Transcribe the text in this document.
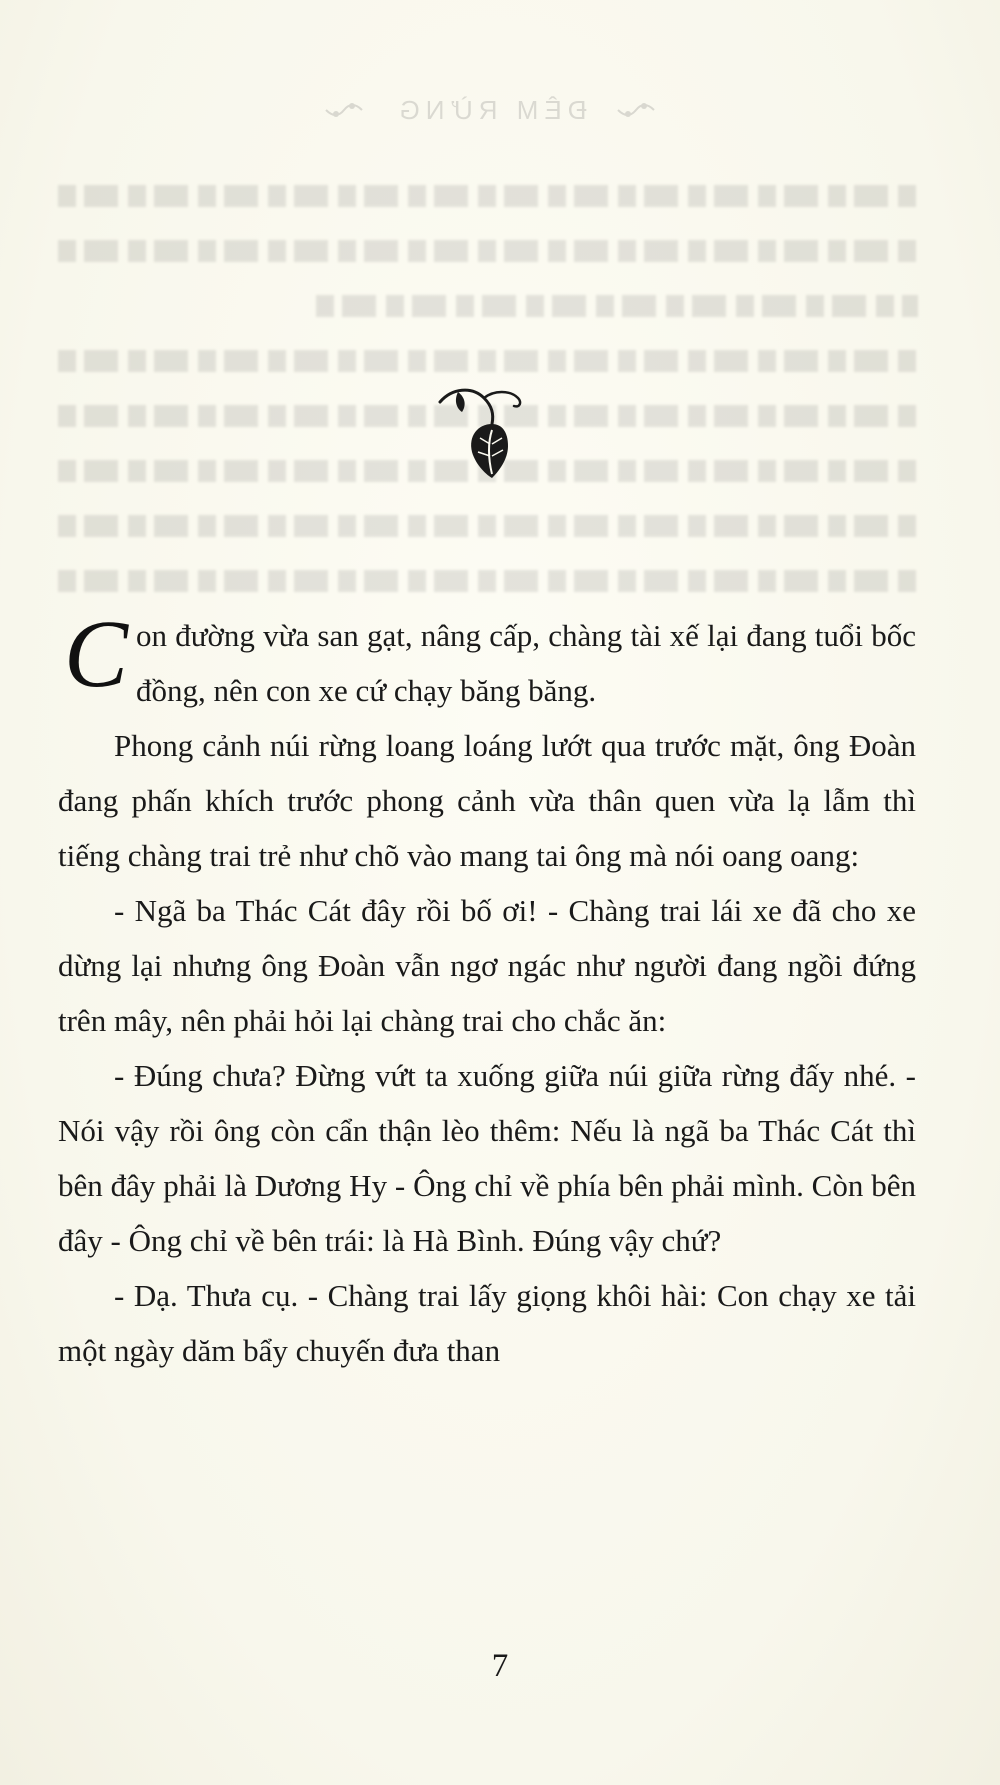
ĐÊM RỪNG

Con đường vừa san gạt, nâng cấp, chàng tài xế lại đang tuổi bốc đồng, nên con xe cứ chạy băng băng.

Phong cảnh núi rừng loang loáng lướt qua trước mặt, ông Đoàn đang phấn khích trước phong cảnh vừa thân quen vừa lạ lẫm thì tiếng chàng trai trẻ như chõ vào mang tai ông mà nói oang oang:

- Ngã ba Thác Cát đây rồi bố ơi! - Chàng trai lái xe đã cho xe dừng lại nhưng ông Đoàn vẫn ngơ ngác như người đang ngồi đứng trên mây, nên phải hỏi lại chàng trai cho chắc ăn:

- Đúng chưa? Đừng vứt ta xuống giữa núi giữa rừng đấy nhé. - Nói vậy rồi ông còn cẩn thận lèo thêm: Nếu là ngã ba Thác Cát thì bên đây phải là Dương Hy - Ông chỉ về phía bên phải mình. Còn bên đây - Ông chỉ về bên trái: là Hà Bình. Đúng vậy chứ?

- Dạ. Thưa cụ. - Chàng trai lấy giọng khôi hài: Con chạy xe tải một ngày dăm bẩy chuyến đưa than

7
